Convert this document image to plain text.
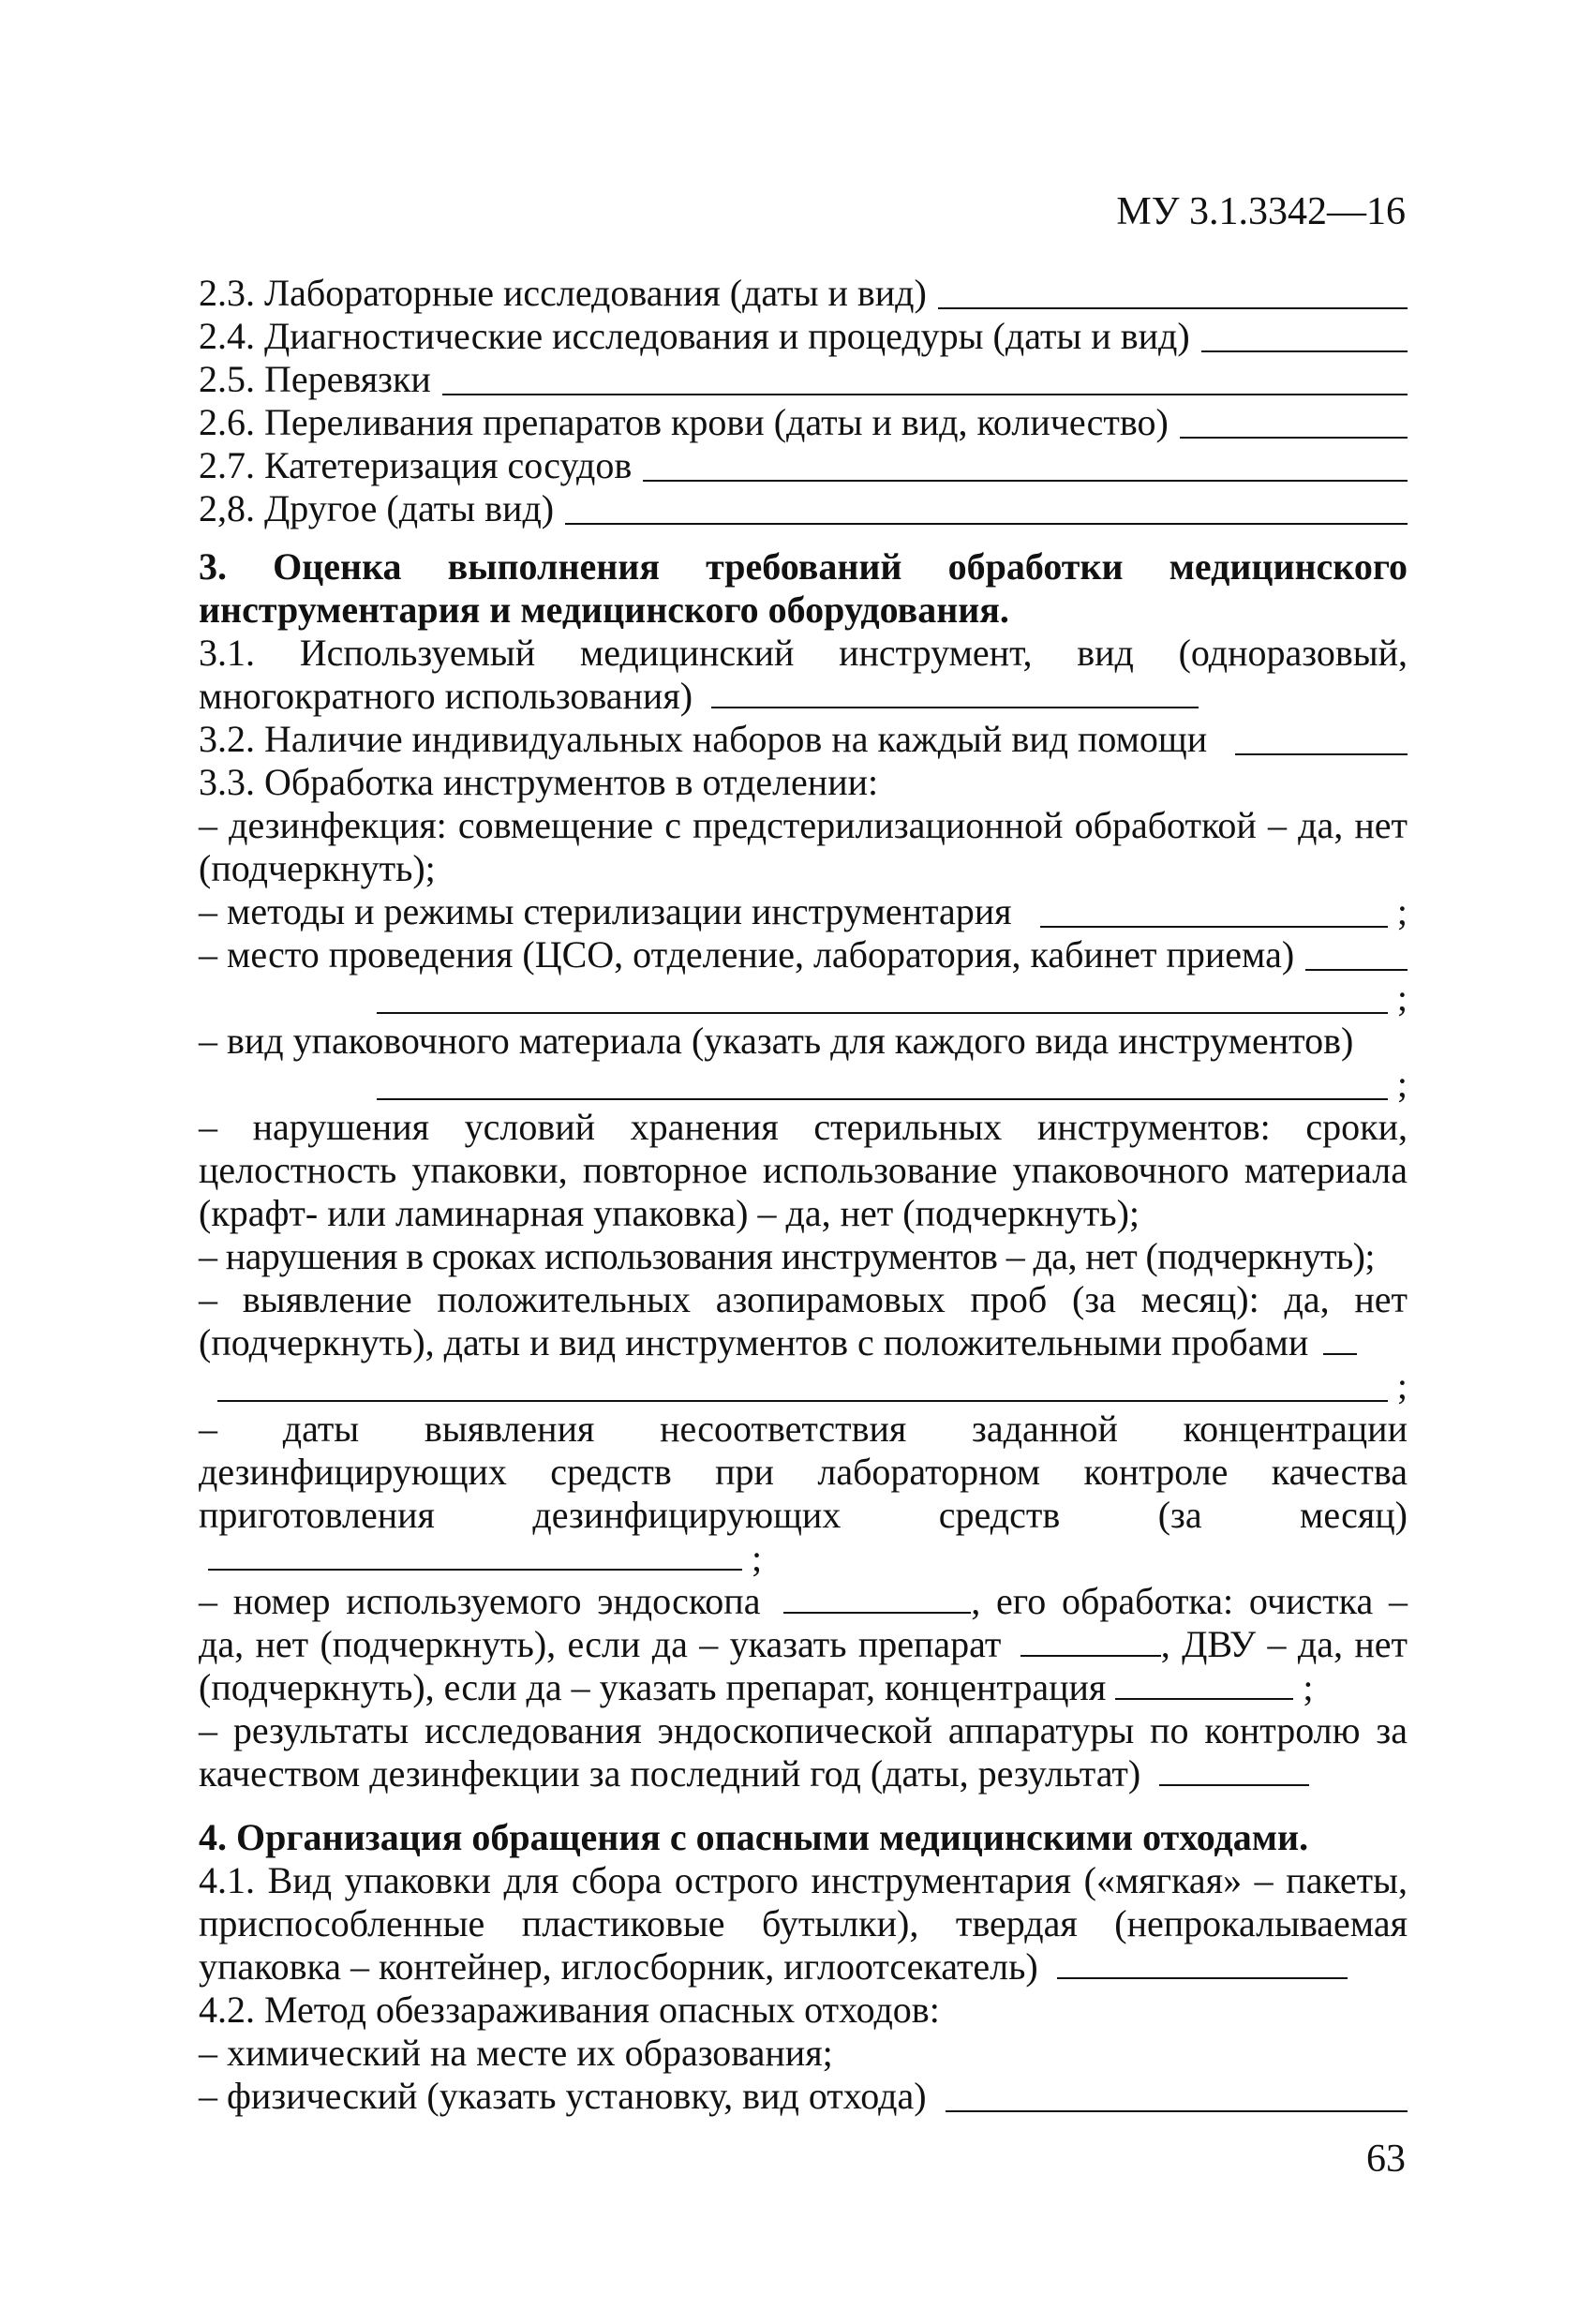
МУ 3.1.3342—16
2.3. Лабораторные исследования (даты и вид)
2.4. Диагностические исследования и процедуры (даты и вид)
2.5. Перевязки
2.6. Переливания препаратов крови (даты и вид, количество)
2.7. Катетеризация сосудов
2,8. Другое (даты вид)
3. Оценка выполнения требований обработки медицинского инструментария и медицинского оборудования.
3.1. Используемый медицинский инструмент, вид (одноразовый, многократного использования)
3.2. Наличие индивидуальных наборов на каждый вид помощи
3.3. Обработка инструментов в отделении:
– дезинфекция: совмещение с предстерилизационной обработкой – да, нет (подчеркнуть);
– методы и режимы стерилизации инструментария	;
– место проведения (ЦСО, отделение, лаборатория, кабинет приема)
;
– вид упаковочного материала (указать для каждого вида инструментов)
;
– нарушения условий хранения стерильных инструментов: сроки, целостность упаковки, повторное использование упаковочного материала (крафт- или ламинарная упаковка) – да, нет (подчеркнуть);
– нарушения в сроках использования инструментов – да, нет (подчеркнуть);
– выявление положительных азопирамовых проб (за месяц): да, нет (подчеркнуть), даты и вид инструментов с положительными пробами
;
– даты выявления несоответствия заданной концентрации дезинфицирующих средств при лабораторном контроле качества приготовления дезинфицирующих средств (за месяц)  ;
– номер используемого эндоскопа	, его обработка: очистка – да, нет (подчеркнуть), если да – указать препарат	, ДВУ – да, нет (подчеркнуть), если да – указать препарат, концентрация	;
– результаты исследования эндоскопической аппаратуры по контролю за качеством дезинфекции за последний год (даты, результат)
4. Организация обращения с опасными медицинскими отходами.
4.1. Вид упаковки для сбора острого инструментария («мягкая» – пакеты, приспособленные пластиковые бутылки), твердая (непрокалываемая упаковка – контейнер, иглосборник, иглоотсекатель)
4.2. Метод обеззараживания опасных отходов:
– химический на месте их образования;
– физический (указать установку, вид отхода)
63
